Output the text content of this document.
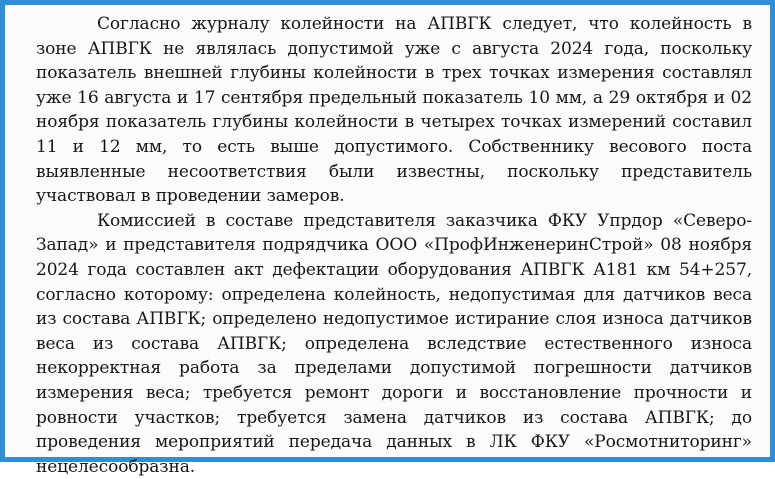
Согласно журналу колейности на АПВГК следует, что колейность в зоне АПВГК не являлась допустимой уже с августа 2024 года, поскольку показатель внешней глубины колейности в трех точках измерения составлял уже 16 августа и 17 сентября предельный показатель 10 мм, а 29 октября и 02 ноября показатель глубины колейности в четырех точках измерений составил 11 и 12 мм, то есть выше допустимого. Собственнику весового поста выявленные несоответствия были известны, поскольку представитель участвовал в проведении замеров.

Комиссией в составе представителя заказчика ФКУ Упрдор «Северо-Запад» и представителя подрядчика ООО «ПрофИнженеринСтрой» 08 ноября 2024 года составлен акт дефектации оборудования АПВГК А181 км 54+257, согласно которому: определена колейность, недопустимая для датчиков веса из состава АПВГК; определено недопустимое истирание слоя износа датчиков веса из состава АПВГК; определена вследствие естественного износа некорректная работа за пределами допустимой погрешности датчиков измерения веса; требуется ремонт дороги и восстановление прочности и ровности участков; требуется замена датчиков из состава АПВГК; до проведения мероприятий передача данных в ЛК ФКУ «Росмотниторинг» нецелесообразна.
